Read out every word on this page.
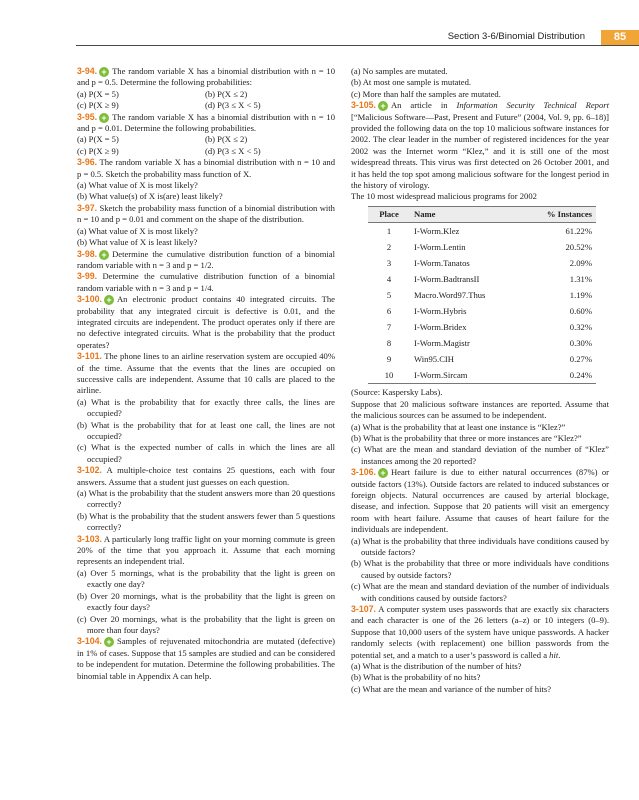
Section 3-6/Binomial Distribution	85

3-94. + The random variable X has a binomial distribution with n = 10 and p = 0.5. Determine the following probabilities:

(a) P(X = 5)	(b) P(X ≤ 2)
(c) P(X ≥ 9)	(d) P(3 ≤ X < 5)

3-95. + The random variable X has a binomial distribution with n = 10 and p = 0.01. Determine the following probabilities.

(a) P(X = 5)	(b) P(X ≤ 2)
(c) P(X ≥ 9)	(d) P(3 ≤ X < 5)

3-96. The random variable X has a binomial distribution with n = 10 and p = 0.5. Sketch the probability mass function of X.

(a) What value of X is most likely?

(b) What value(s) of X is(are) least likely?

3-97. Sketch the probability mass function of a binomial distribution with n = 10 and p = 0.01 and comment on the shape of the distribution.

(a) What value of X is most likely?

(b) What value of X is least likely?

3-98. + Determine the cumulative distribution function of a binomial random variable with n = 3 and p = 1/2.

3-99. Determine the cumulative distribution function of a binomial random variable with n = 3 and p = 1/4.

3-100. + An electronic product contains 40 integrated circuits. The probability that any integrated circuit is defective is 0.01, and the integrated circuits are independent. The product operates only if there are no defective integrated circuits. What is the probability that the product operates?

3-101. The phone lines to an airline reservation system are occupied 40% of the time. Assume that the events that the lines are occupied on successive calls are independent. Assume that 10 calls are placed to the airline.

(a) What is the probability that for exactly three calls, the lines are occupied?

(b) What is the probability that for at least one call, the lines are not occupied?

(c) What is the expected number of calls in which the lines are all occupied?

3-102. A multiple-choice test contains 25 questions, each with four answers. Assume that a student just guesses on each question.

(a) What is the probability that the student answers more than 20 questions correctly?

(b) What is the probability that the student answers fewer than 5 questions correctly?

3-103. A particularly long traffic light on your morning commute is green 20% of the time that you approach it. Assume that each morning represents an independent trial.

(a) Over 5 mornings, what is the probability that the light is green on exactly one day?

(b) Over 20 mornings, what is the probability that the light is green on exactly four days?

(c) Over 20 mornings, what is the probability that the light is green on more than four days?

3-104. + Samples of rejuvenated mitochondria are mutated (defective) in 1% of cases. Suppose that 15 samples are studied and can be considered to be independent for mutation. Determine the following probabilities. The binomial table in Appendix A can help.

(a) No samples are mutated.

(b) At most one sample is mutated.

(c) More than half the samples are mutated.

3-105. + An article in Information Security Technical Report [“Malicious Software—Past, Present and Future” (2004, Vol. 9, pp. 6–18)] provided the following data on the top 10 malicious software instances for 2002. The clear leader in the number of registered incidences for the year 2002 was the Internet worm “Klez,” and it is still one of the most widespread threats. This virus was first detected on 26 October 2001, and it has held the top spot among malicious software for the longest period in the history of virology.

The 10 most widespread malicious programs for 2002

Place	Name	% Instances
1	I-Worm.Klez	61.22%
2	I-Worm.Lentin	20.52%
3	I-Worm.Tanatos	2.09%
4	I-Worm.BadtransII	1.31%
5	Macro.Word97.Thus	1.19%
6	I-Worm.Hybris	0.60%
7	I-Worm.Bridex	0.32%
8	I-Worm.Magistr	0.30%
9	Win95.CIH	0.27%
10	I-Worm.Sircam	0.24%

(Source: Kaspersky Labs).

Suppose that 20 malicious software instances are reported. Assume that the malicious sources can be assumed to be independent.

(a) What is the probability that at least one instance is “Klez?”

(b) What is the probability that three or more instances are “Klez?”

(c) What are the mean and standard deviation of the number of “Klez” instances among the 20 reported?

3-106. + Heart failure is due to either natural occurrences (87%) or outside factors (13%). Outside factors are related to induced substances or foreign objects. Natural occurrences are caused by arterial blockage, disease, and infection. Suppose that 20 patients will visit an emergency room with heart failure. Assume that causes of heart failure for the individuals are independent.

(a) What is the probability that three individuals have conditions caused by outside factors?

(b) What is the probability that three or more individuals have conditions caused by outside factors?

(c) What are the mean and standard deviation of the number of individuals with conditions caused by outside factors?

3-107. A computer system uses passwords that are exactly six characters and each character is one of the 26 letters (a–z) or 10 integers (0–9). Suppose that 10,000 users of the system have unique passwords. A hacker randomly selects (with replacement) one billion passwords from the potential set, and a match to a user’s password is called a hit.

(a) What is the distribution of the number of hits?

(b) What is the probability of no hits?

(c) What are the mean and variance of the number of hits?
